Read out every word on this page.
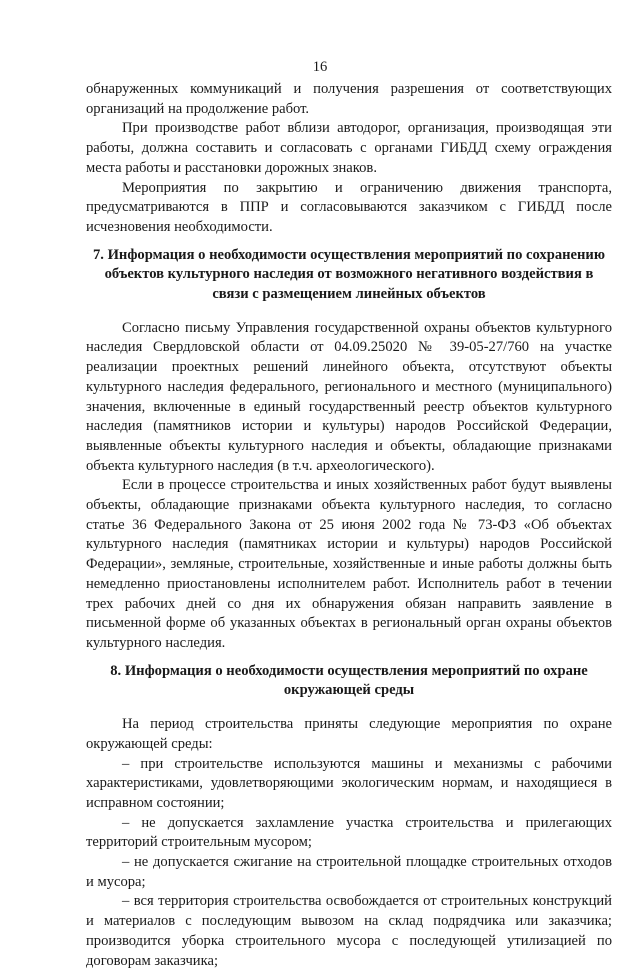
16

обнаруженных коммуникаций и получения разрешения от соответствующих организаций на продолжение работ.

При производстве работ вблизи автодорог, организация, производящая эти работы, должна составить и согласовать с органами ГИБДД схему ограждения места работы и расстановки дорожных знаков.

Мероприятия по закрытию и ограничению движения транспорта, предусматриваются в ППР и согласовываются заказчиком с ГИБДД после исчезновения необходимости.

7. Информация о необходимости осуществления мероприятий по сохранению объектов культурного наследия от возможного негативного воздействия в связи с размещением линейных объектов

Согласно письму Управления государственной охраны объектов культурного наследия Свердловской области от 04.09.25020 № 39-05-27/760 на участке реализации проектных решений линейного объекта, отсутствуют объекты культурного наследия федерального, регионального и местного (муниципального) значения, включенные в единый государственный реестр объектов культурного наследия (памятников истории и культуры) народов Российской Федерации, выявленные объекты культурного наследия и объекты, обладающие признаками объекта культурного наследия (в т.ч. археологического).

Если в процессе строительства и иных хозяйственных работ будут выявлены объекты, обладающие признаками объекта культурного наследия, то согласно статье 36 Федерального Закона от 25 июня 2002 года № 73-ФЗ «Об объектах культурного наследия (памятниках истории и культуры) народов Российской Федерации», земляные, строительные, хозяйственные и иные работы должны быть немедленно приостановлены исполнителем работ. Исполнитель работ в течении трех рабочих дней со дня их обнаружения обязан направить заявление в письменной форме об указанных объектах в региональный орган охраны объектов культурного наследия.

8. Информация о необходимости осуществления мероприятий по охране окружающей среды

На период строительства приняты следующие мероприятия по охране окружающей среды:

– при строительстве используются машины и механизмы с рабочими характеристиками, удовлетворяющими экологическим нормам, и находящиеся в исправном состоянии;

– не допускается захламление участка строительства и прилегающих территорий строительным мусором;

– не допускается сжигание на строительной площадке строительных отходов и мусора;

– вся территория строительства освобождается от строительных конструкций и материалов с последующим вывозом на склад подрядчика или заказчика; производится уборка строительного мусора с последующей утилизацией по договорам заказчика;
